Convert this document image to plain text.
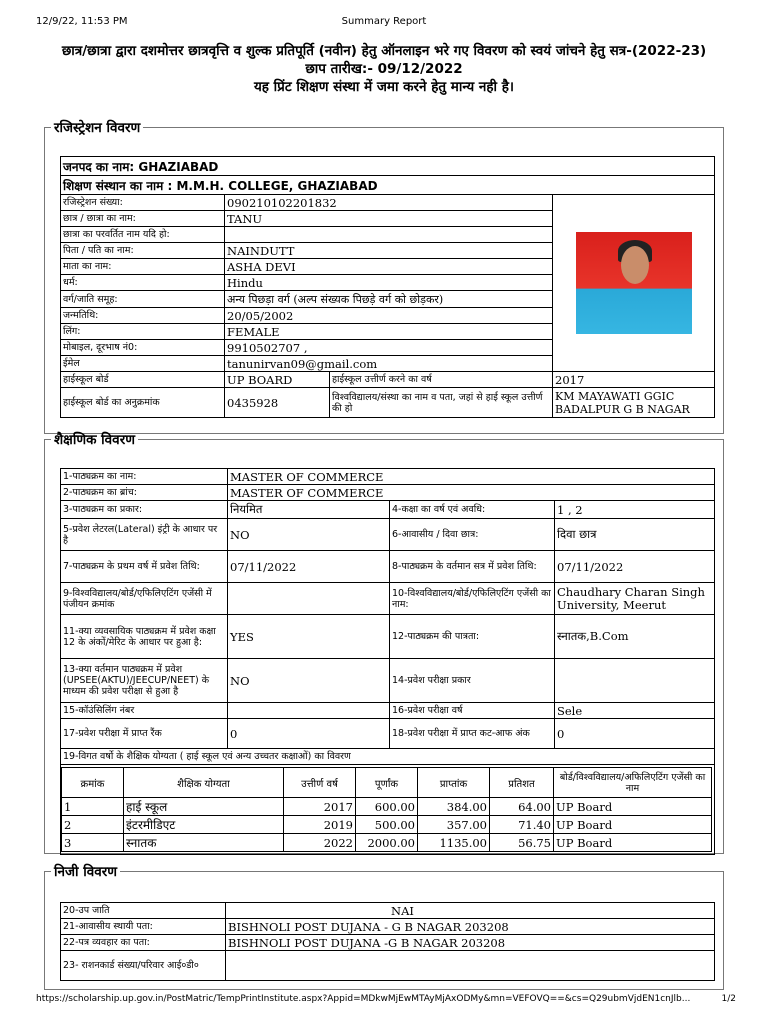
12/9/22, 11:53 PM	Summary Report
छात्र/छात्रा द्वारा दशमोत्तर छात्रवृत्ति व शुल्क प्रतिपूर्ति (नवीन) हेतु ऑनलाइन भरे गए विवरण को स्वयं जांचने हेतु सत्र-(2022-23)
छाप तारीख:- 09/12/2022
यह प्रिंट शिक्षण संस्था में जमा करने हेतु मान्य नही है।
रजिस्ट्रेशन विवरण
जनपद का नाम: GHAZIABAD			
शिक्षण संस्थान का नाम : M.M.H. COLLEGE, GHAZIABAD			
रजिस्ट्रेशन संख्या:	090210102201832		

छात्र / छात्रा का नाम:	TANU		
छात्रा का परवर्तित नाम यदि हो:			
पिता / पति का नाम:	NAINDUTT		
माता का नाम:	ASHA DEVI		
धर्म:	Hindu		
वर्ग/जाति समूह:	अन्य पिछड़ा वर्ग (अल्प संख्यक पिछड़े वर्ग को छोड़कर)		
जन्मतिथि:	20/05/2002		
लिंग:	FEMALE		
मोबाइल, दूरभाष नं0:	9910502707 ,		
ईमेल	tanunirvan09@gmail.com		
हाईस्कूल बोर्ड	UP BOARD	हाईस्कूल उत्तीर्ण करने का वर्ष	2017
हाईस्कूल बोर्ड का अनुक्रमांक	0435928	विश्वविद्यालय/संस्था का नाम व पता, जहां से हाई स्कूल उत्तीर्ण की हो	KM MAYAWATI GGIC BADALPUR G B NAGAR
शैक्षणिक विवरण
1-पाठ्यक्रम का नाम:	MASTER OF COMMERCE
2-पाठ्यक्रम का ब्रांच:	MASTER OF COMMERCE
3-पाठ्यक्रम का प्रकार:	नियमित	4-कक्षा का वर्ष एवं अवधि:	1 , 2
5-प्रवेश लेटरल(Lateral) इंट्री के आधार पर है	NO	6-आवासीय / दिवा छात्र:	दिवा छात्र
7-पाठ्यक्रम के प्रथम वर्ष में प्रवेश तिथि:	07/11/2022	8-पाठ्यक्रम के वर्तमान सत्र में प्रवेश तिथि:	07/11/2022
9-विश्वविद्यालय/बोर्ड/एफिलिएटिंग एजेंसी में पंजीयन क्रमांक		10-विश्वविद्यालय/बोर्ड/एफिलिएटिंग एजेंसी का नाम:	Chaudhary Charan Singh University, Meerut
11-क्या व्यवसायिक पाठ्यक्रम में प्रवेश कक्षा 12 के अंकों/मेरिट के आधार पर हुआ है:	YES	12-पाठ्यक्रम की पात्रता:	स्नातक,B.Com
13-क्या वर्तमान पाठ्यक्रम में प्रवेश (UPSEE(AKTU)/JEECUP/NEET) के माध्यम की प्रवेश परीक्षा से हुआ है	NO	14-प्रवेश परीक्षा प्रकार	
15-कॉउंसिलिंग नंबर		16-प्रवेश परीक्षा वर्ष	Sele
17-प्रवेश परीक्षा में प्राप्त रैंक	0	18-प्रवेश परीक्षा में प्राप्त कट-आफ अंक	0
19-विगत वर्षो के शैक्षिक योग्यता ( हाई स्कूल एवं अन्य उच्चतर कक्षाओं) का विवरण

क्रमांक	शैक्षिक योग्यता	उत्तीर्ण वर्ष	पूर्णांक	प्राप्तांक	प्रतिशत	बोर्ड/विश्वविद्यालय/अफिलिएटिंग एजेंसी का नाम
1	हाई स्कूल	2017	600.00	384.00	64.00	UP Board
2	इंटरमीडिएट	2019	500.00	357.00	71.40	UP Board
3	स्नातक	2022	2000.00	1135.00	56.75	UP Board
निजी विवरण
20-उप जाति	NAI
21-आवासीय स्थायी पता:	BISHNOLI POST DUJANA - G B NAGAR 203208
22-पत्र व्यवहार का पता:	BISHNOLI POST DUJANA -G B NAGAR 203208
23- राशनकार्ड संख्या/परिवार आई०डी०	
https://scholarship.up.gov.in/PostMatric/TempPrintInstitute.aspx?Appid=MDkwMjEwMTAyMjAxODMy&mn=VEFOVQ==&cs=Q29ubmVjdEN1cnJlb...	1/2
